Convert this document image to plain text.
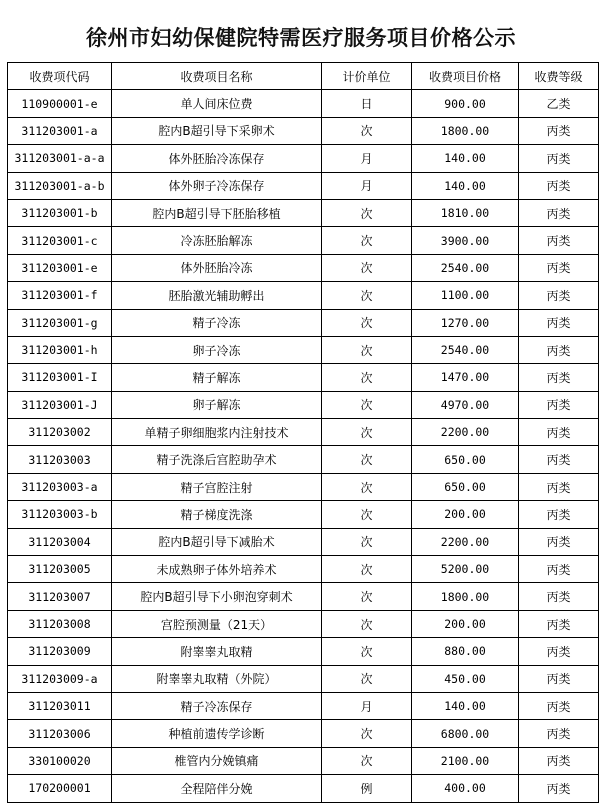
徐州市妇幼保健院特需医疗服务项目价格公示
收费项代码	收费项目名称	计价单位	收费项目价格	收费等级
110900001-e	单人间床位费	日	900.00	乙类
311203001-a	腔内B超引导下采卵术	次	1800.00	丙类
311203001-a-a	体外胚胎冷冻保存	月	140.00	丙类
311203001-a-b	体外卵子冷冻保存	月	140.00	丙类
311203001-b	腔内B超引导下胚胎移植	次	1810.00	丙类
311203001-c	冷冻胚胎解冻	次	3900.00	丙类
311203001-e	体外胚胎冷冻	次	2540.00	丙类
311203001-f	胚胎激光辅助孵出	次	1100.00	丙类
311203001-g	精子冷冻	次	1270.00	丙类
311203001-h	卵子冷冻	次	2540.00	丙类
311203001-I	精子解冻	次	1470.00	丙类
311203001-J	卵子解冻	次	4970.00	丙类
311203002	单精子卵细胞浆内注射技术	次	2200.00	丙类
311203003	精子洗涤后宫腔助孕术	次	650.00	丙类
311203003-a	精子宫腔注射	次	650.00	丙类
311203003-b	精子梯度洗涤	次	200.00	丙类
311203004	腔内B超引导下减胎术	次	2200.00	丙类
311203005	未成熟卵子体外培养术	次	5200.00	丙类
311203007	腔内B超引导下小卵泡穿刺术	次	1800.00	丙类
311203008	宫腔预测量（21天）	次	200.00	丙类
311203009	附睾睾丸取精	次	880.00	丙类
311203009-a	附睾睾丸取精（外院）	次	450.00	丙类
311203011	精子冷冻保存	月	140.00	丙类
311203006	种植前遗传学诊断	次	6800.00	丙类
330100020	椎管内分娩镇痛	次	2100.00	丙类
170200001	全程陪伴分娩	例	400.00	丙类
